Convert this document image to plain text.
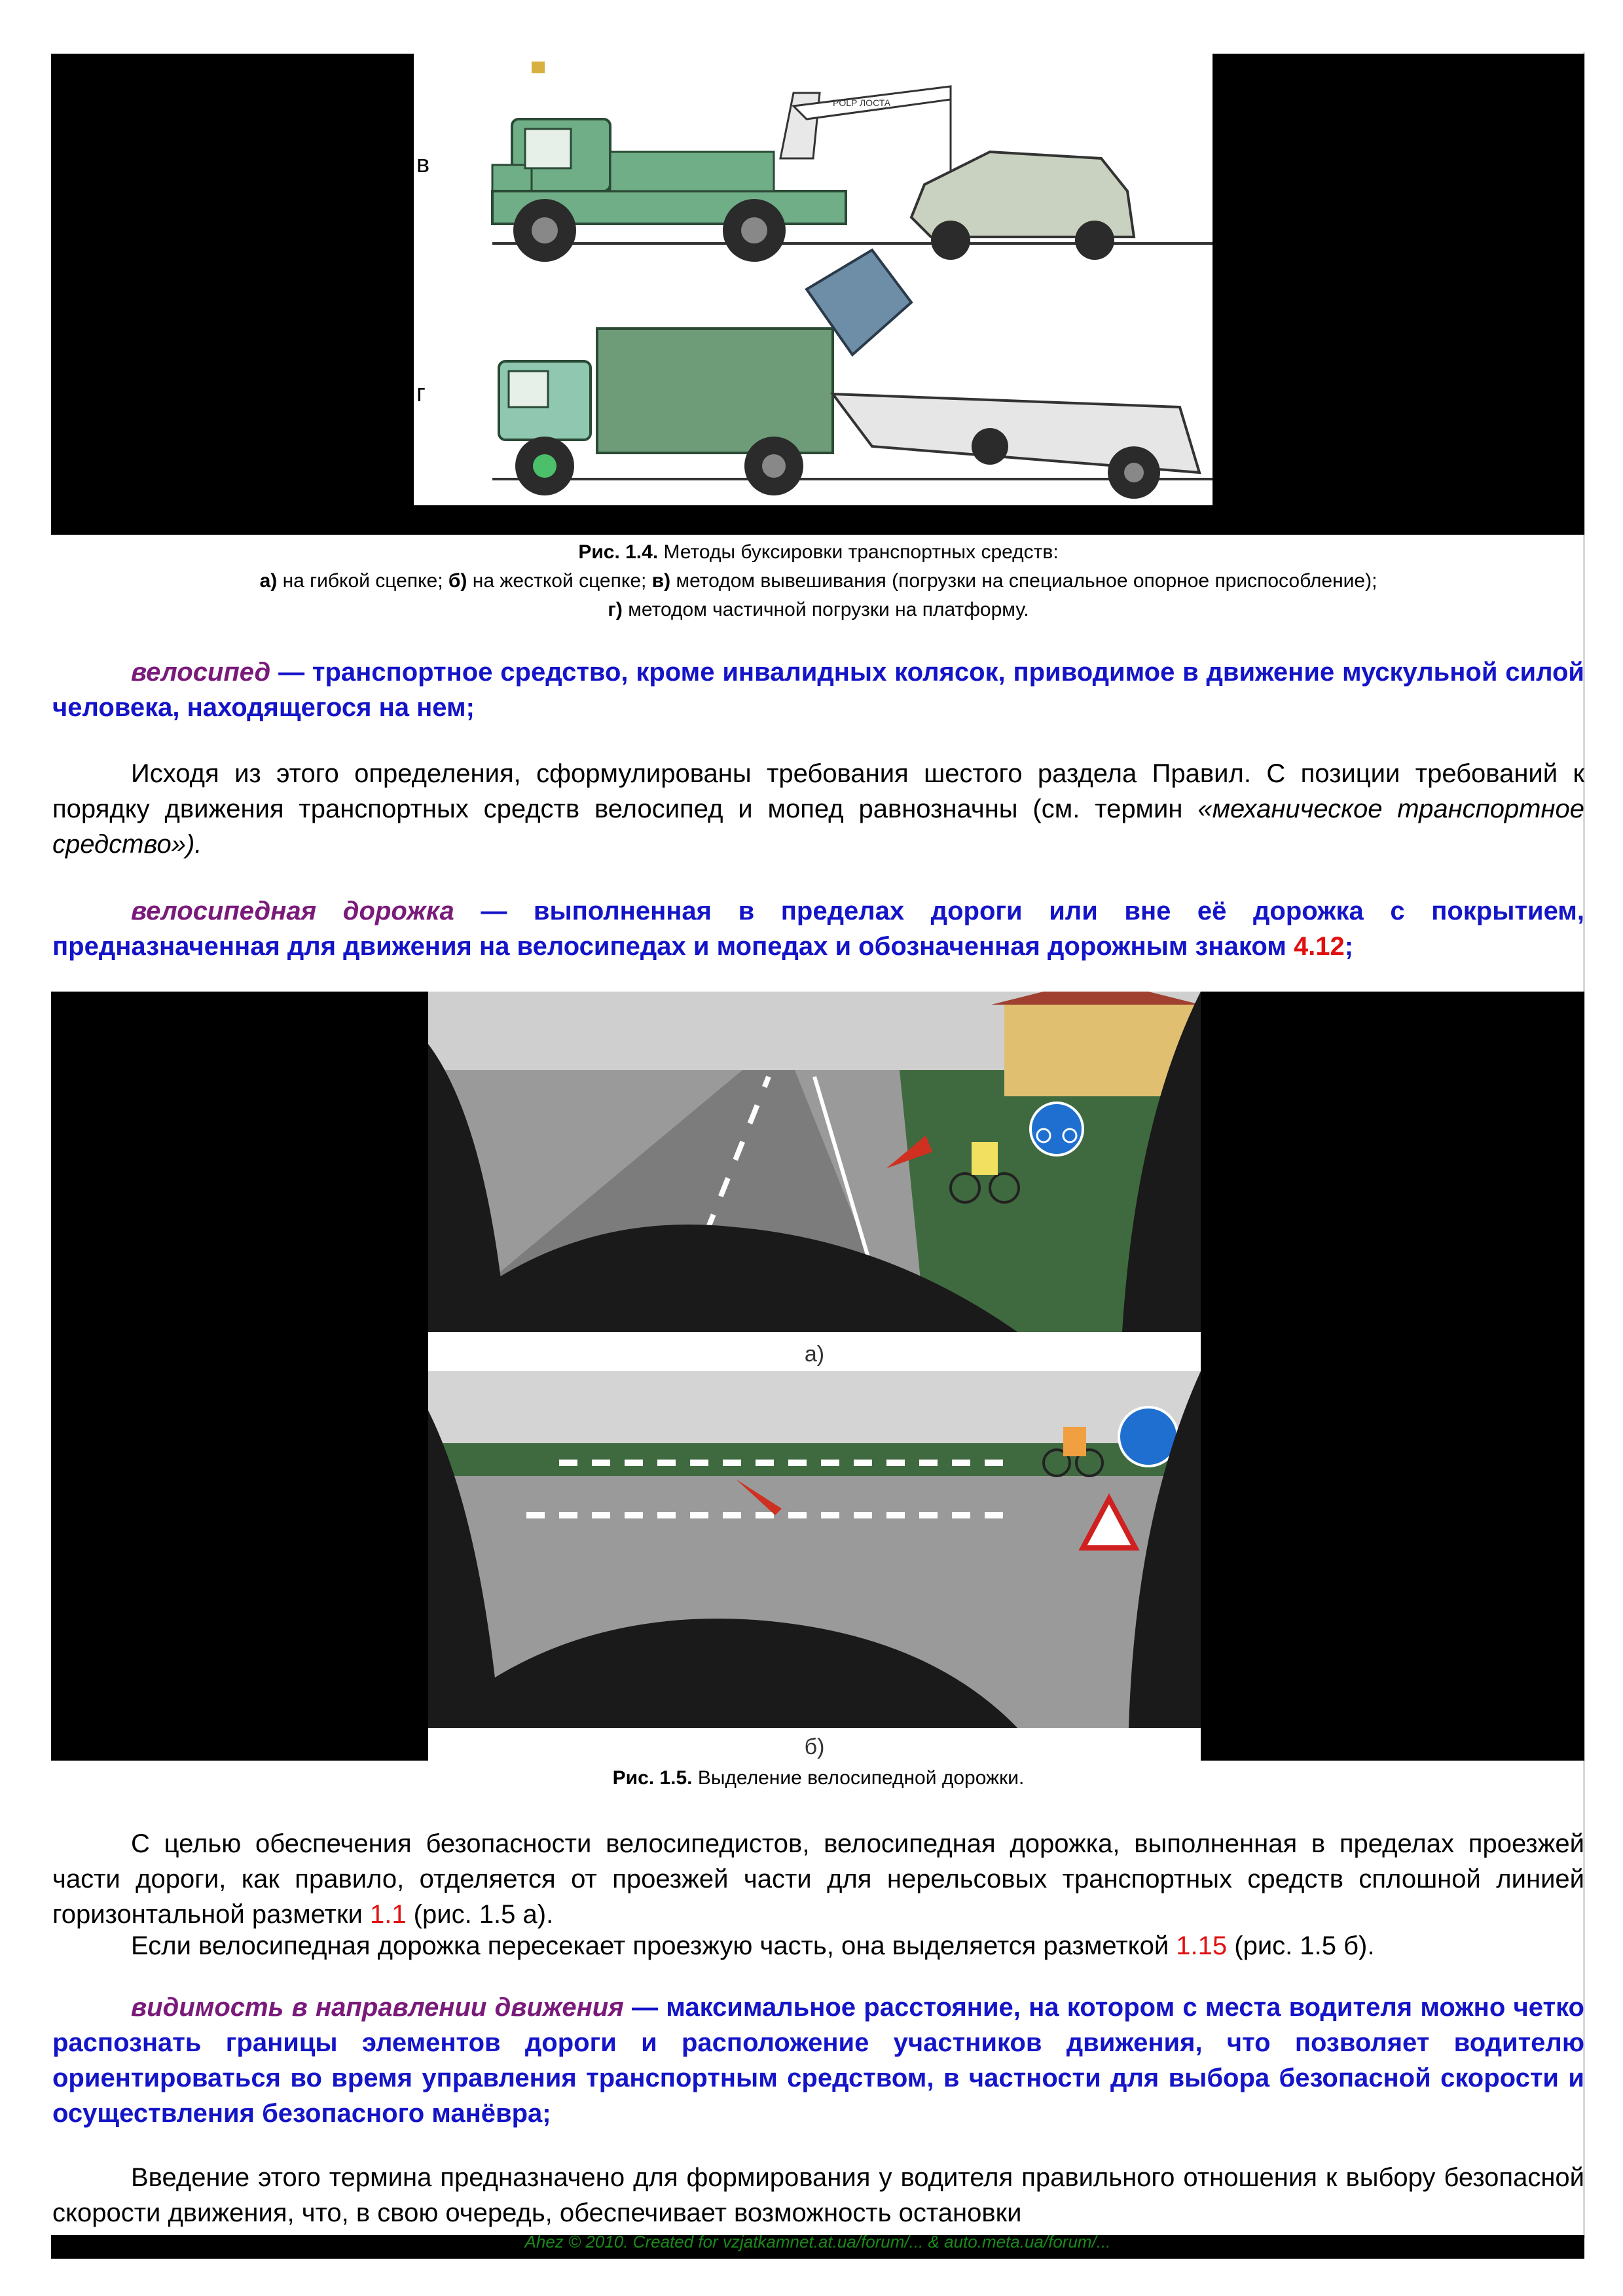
POLP ЛОСТА
в
г
Рис. 1.4. Методы буксировки транспортных средств:
а) на гибкой сцепке; б) на жесткой сцепке; в) методом вывешивания (погрузки на специальное опорное приспособление);
г) методом частичной погрузки на платформу.
велосипед — транспортное средство, кроме инвалидных колясок, приводимое в движение мускульной силой человека, находящегося на нем;
Исходя из этого определения, сформулированы требования шестого раздела Правил. С позиции требований к порядку движения транспортных средств велосипед и мопед равнозначны (см. термин «механическое транспортное средство»).
велосипедная дорожка — выполненная в пределах дороги или вне её дорожка с покрытием, предназначенная для движения на велосипедах и мопедах и обозначенная дорожным знаком 4.12;
а)
б)
Рис. 1.5. Выделение велосипедной дорожки.
С целью обеспечения безопасности велосипедистов, велосипедная дорожка, выполненная в пределах проезжей части дороги, как правило, отделяется от проезжей части для нерельсовых транспортных средств сплошной линией горизонтальной разметки 1.1 (рис. 1.5 а).
Если велосипедная дорожка пересекает проезжую часть, она выделяется разметкой 1.15 (рис. 1.5 б).
видимость в направлении движения — максимальное расстояние, на котором с места водителя можно четко распознать границы элементов дороги и расположение участников движения, что позволяет водителю ориентироваться во время управления транспортным средством, в частности для выбора безопасной скорости и осуществления безопасного манёвра;
Введение этого термина предназначено для формирования у водителя правильного отношения к выбору безопасной скорости движения, что, в свою очередь, обеспечивает возможность остановки
Ahez © 2010. Created for vzjatkamnet.at.ua/forum/... & auto.meta.ua/forum/...
